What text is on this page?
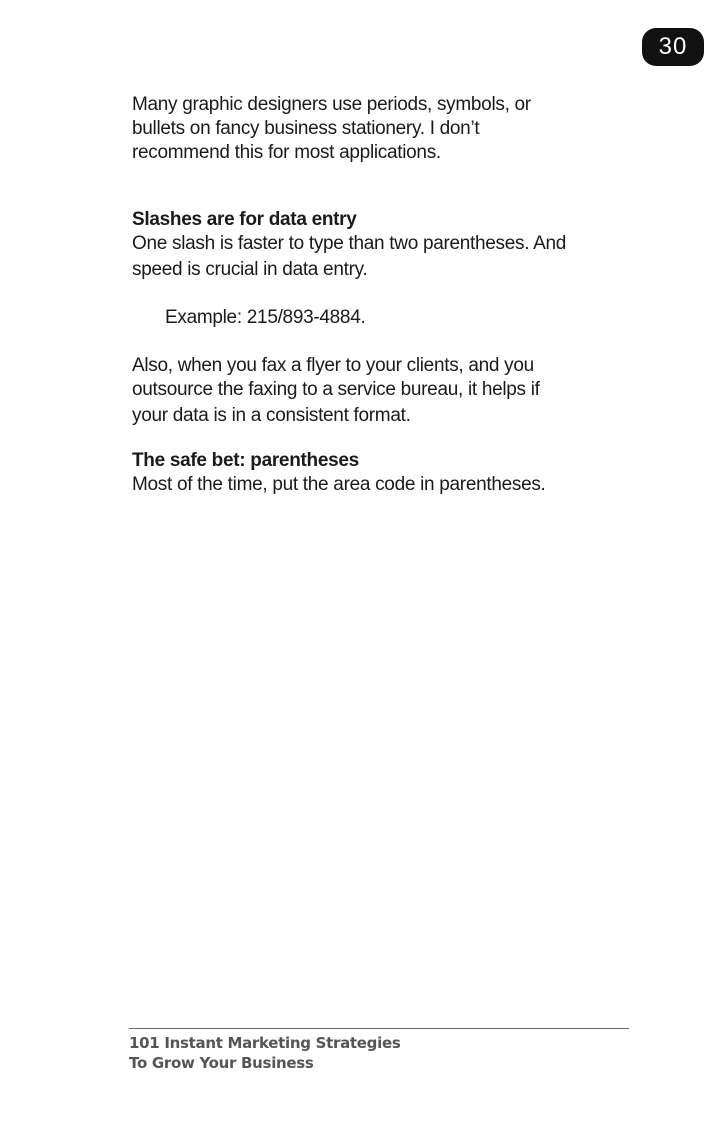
30

Many graphic designers use periods, symbols, or

bullets on fancy business stationery. I don’t

recommend this for most applications.

Slashes are for data entry

One slash is faster to type than two parentheses. And

speed is crucial in data entry.

Example: 215/893-4884.

Also, when you fax a flyer to your clients, and you

outsource the faxing to a service bureau, it helps if

your data is in a consistent format.

The safe bet: parentheses

Most of the time, put the area code in parentheses.

101 Instant Marketing Strategies
To Grow Your Business
